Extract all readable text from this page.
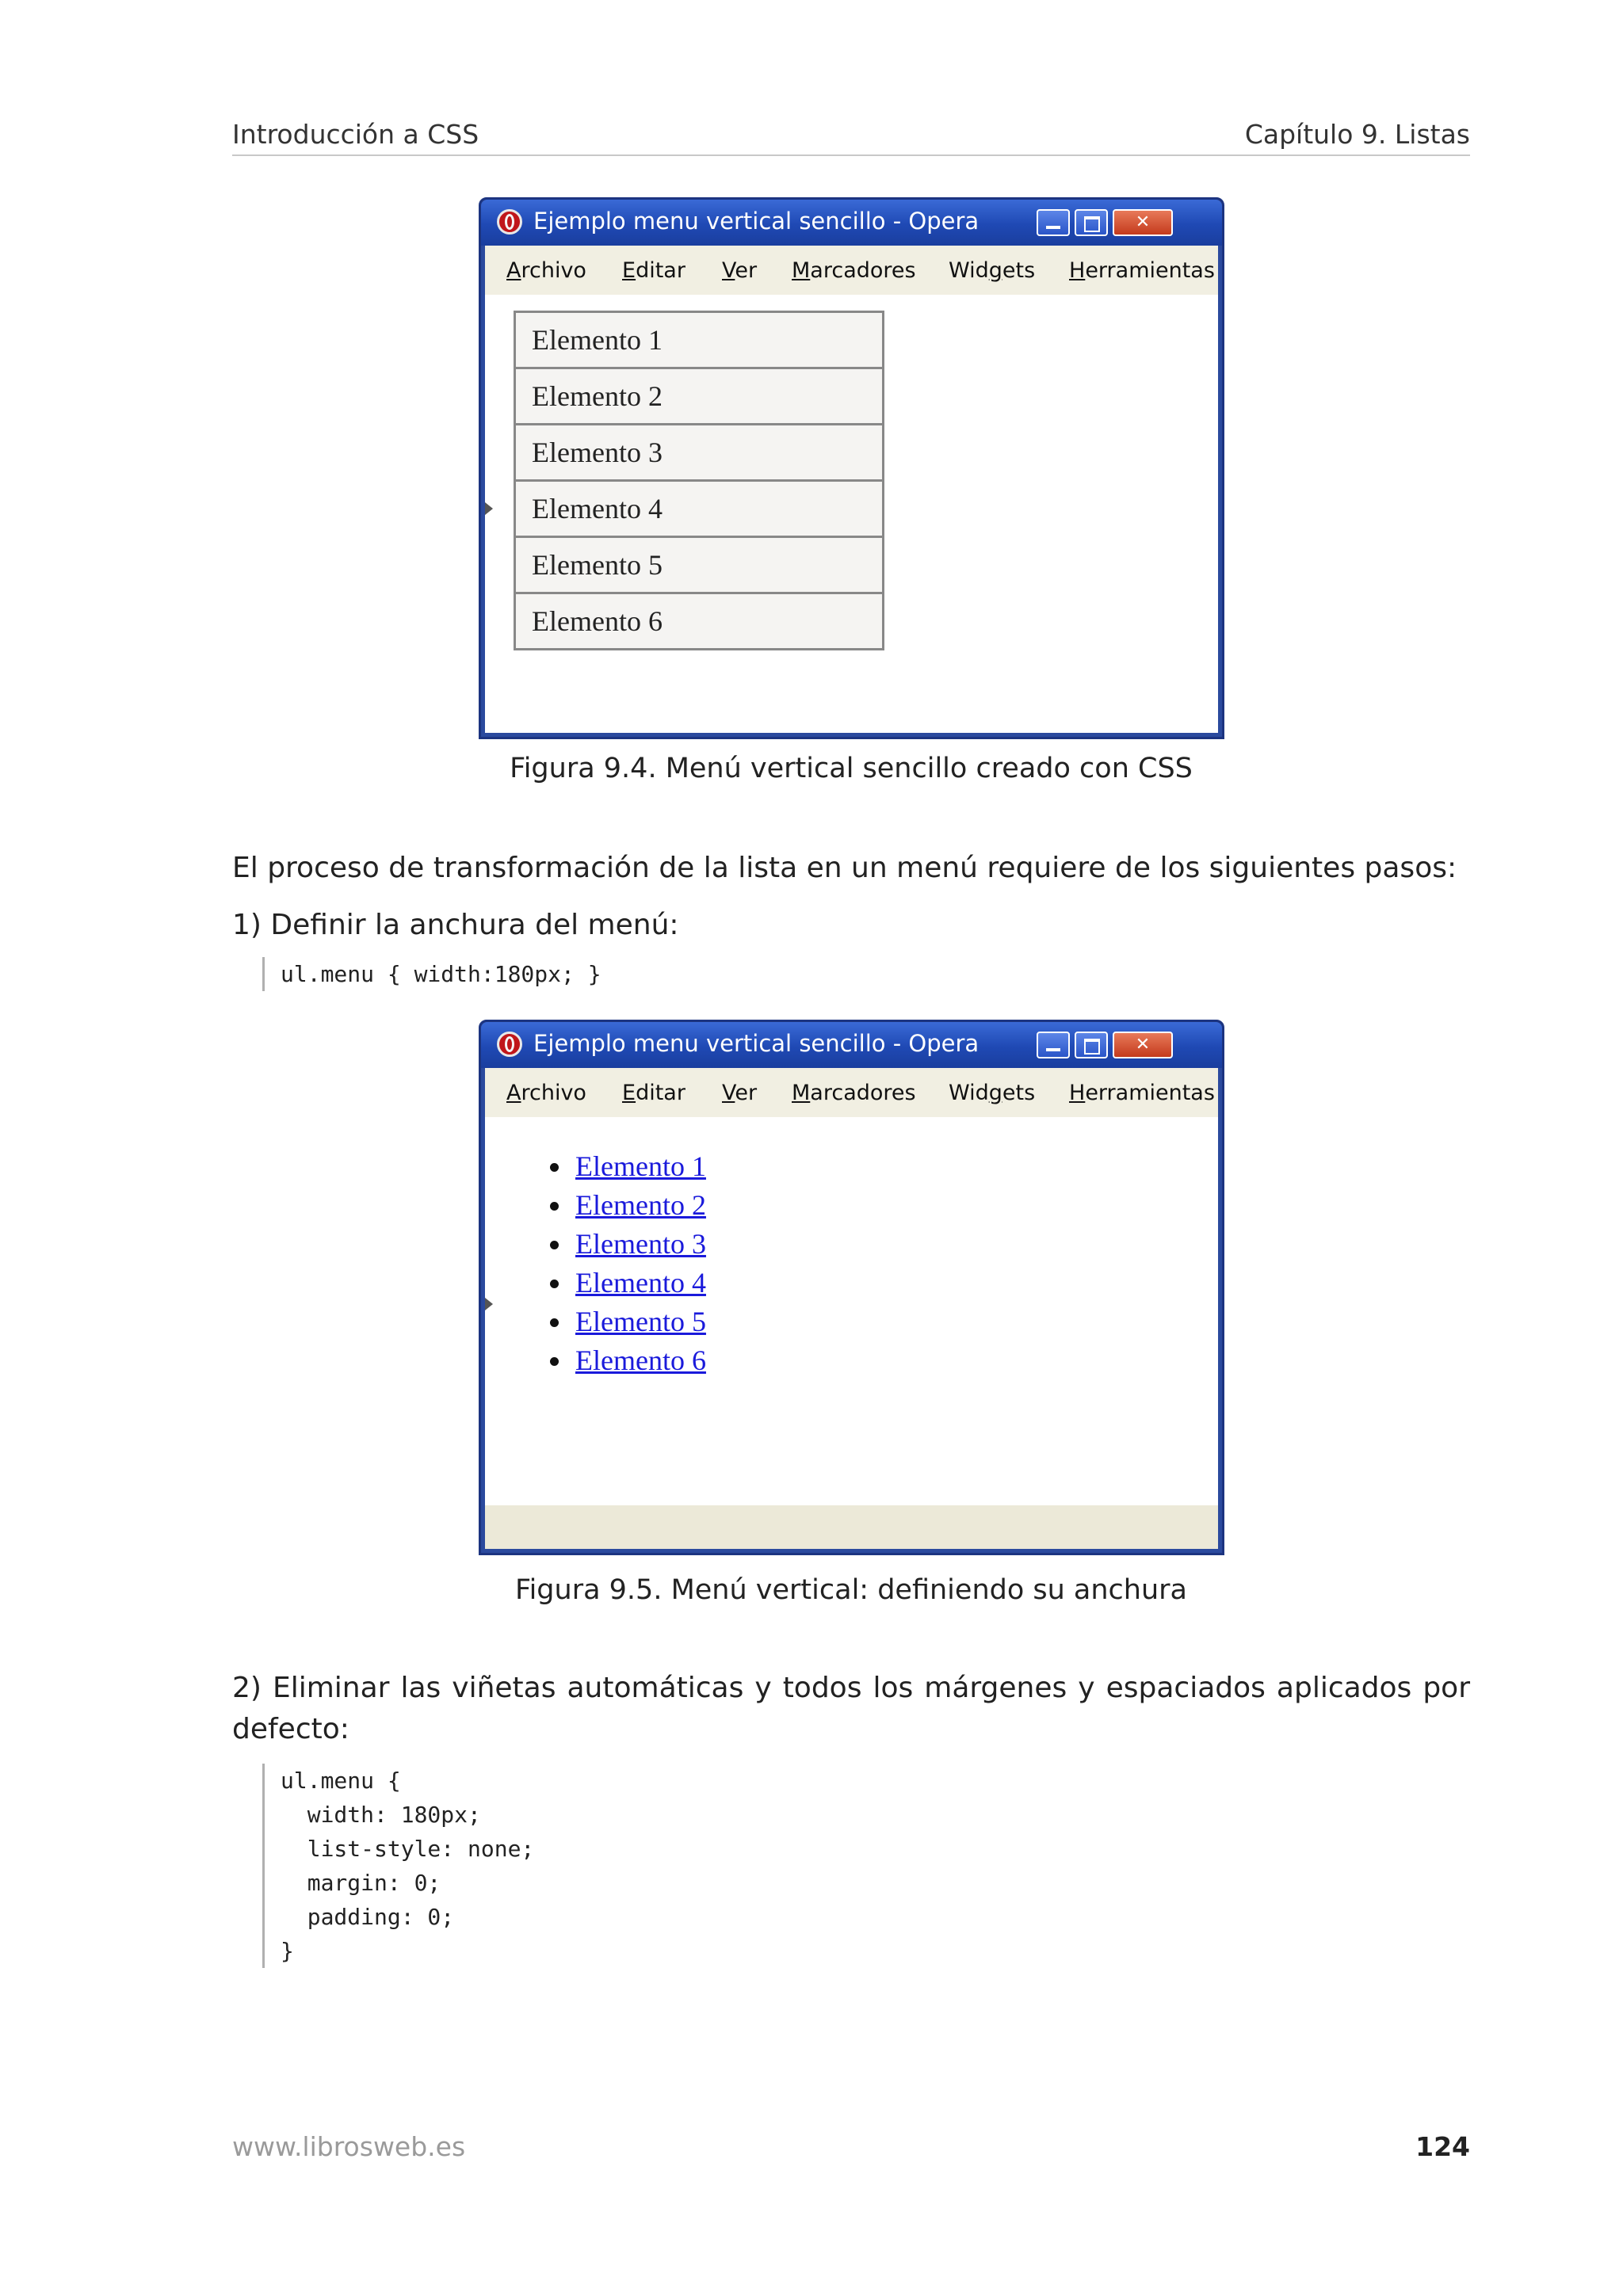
Introducción a CSS	Capítulo 9. Listas
Ejemplo menu vertical sencillo - Opera
✕
Archivo Editar Ver Marcadores Widgets Herramientas
Elemento 1
Elemento 2
Elemento 3
Elemento 4
Elemento 5
Elemento 6
Figura 9.4. Menú vertical sencillo creado con CSS
El proceso de transformación de la lista en un menú requiere de los siguientes pasos:
1) Definir la anchura del menú:
ul.menu { width:180px; }
Ejemplo menu vertical sencillo - Opera
✕
Archivo Editar Ver Marcadores Widgets Herramientas
Elemento 1
Elemento 2
Elemento 3
Elemento 4
Elemento 5
Elemento 6
Figura 9.5. Menú vertical: definiendo su anchura
2) Eliminar las viñetas automáticas y todos los márgenes y espaciados aplicados por defecto:
ul.menu {
width: 180px;
list-style: none;
margin: 0;
padding: 0;
}
www.librosweb.es	124
